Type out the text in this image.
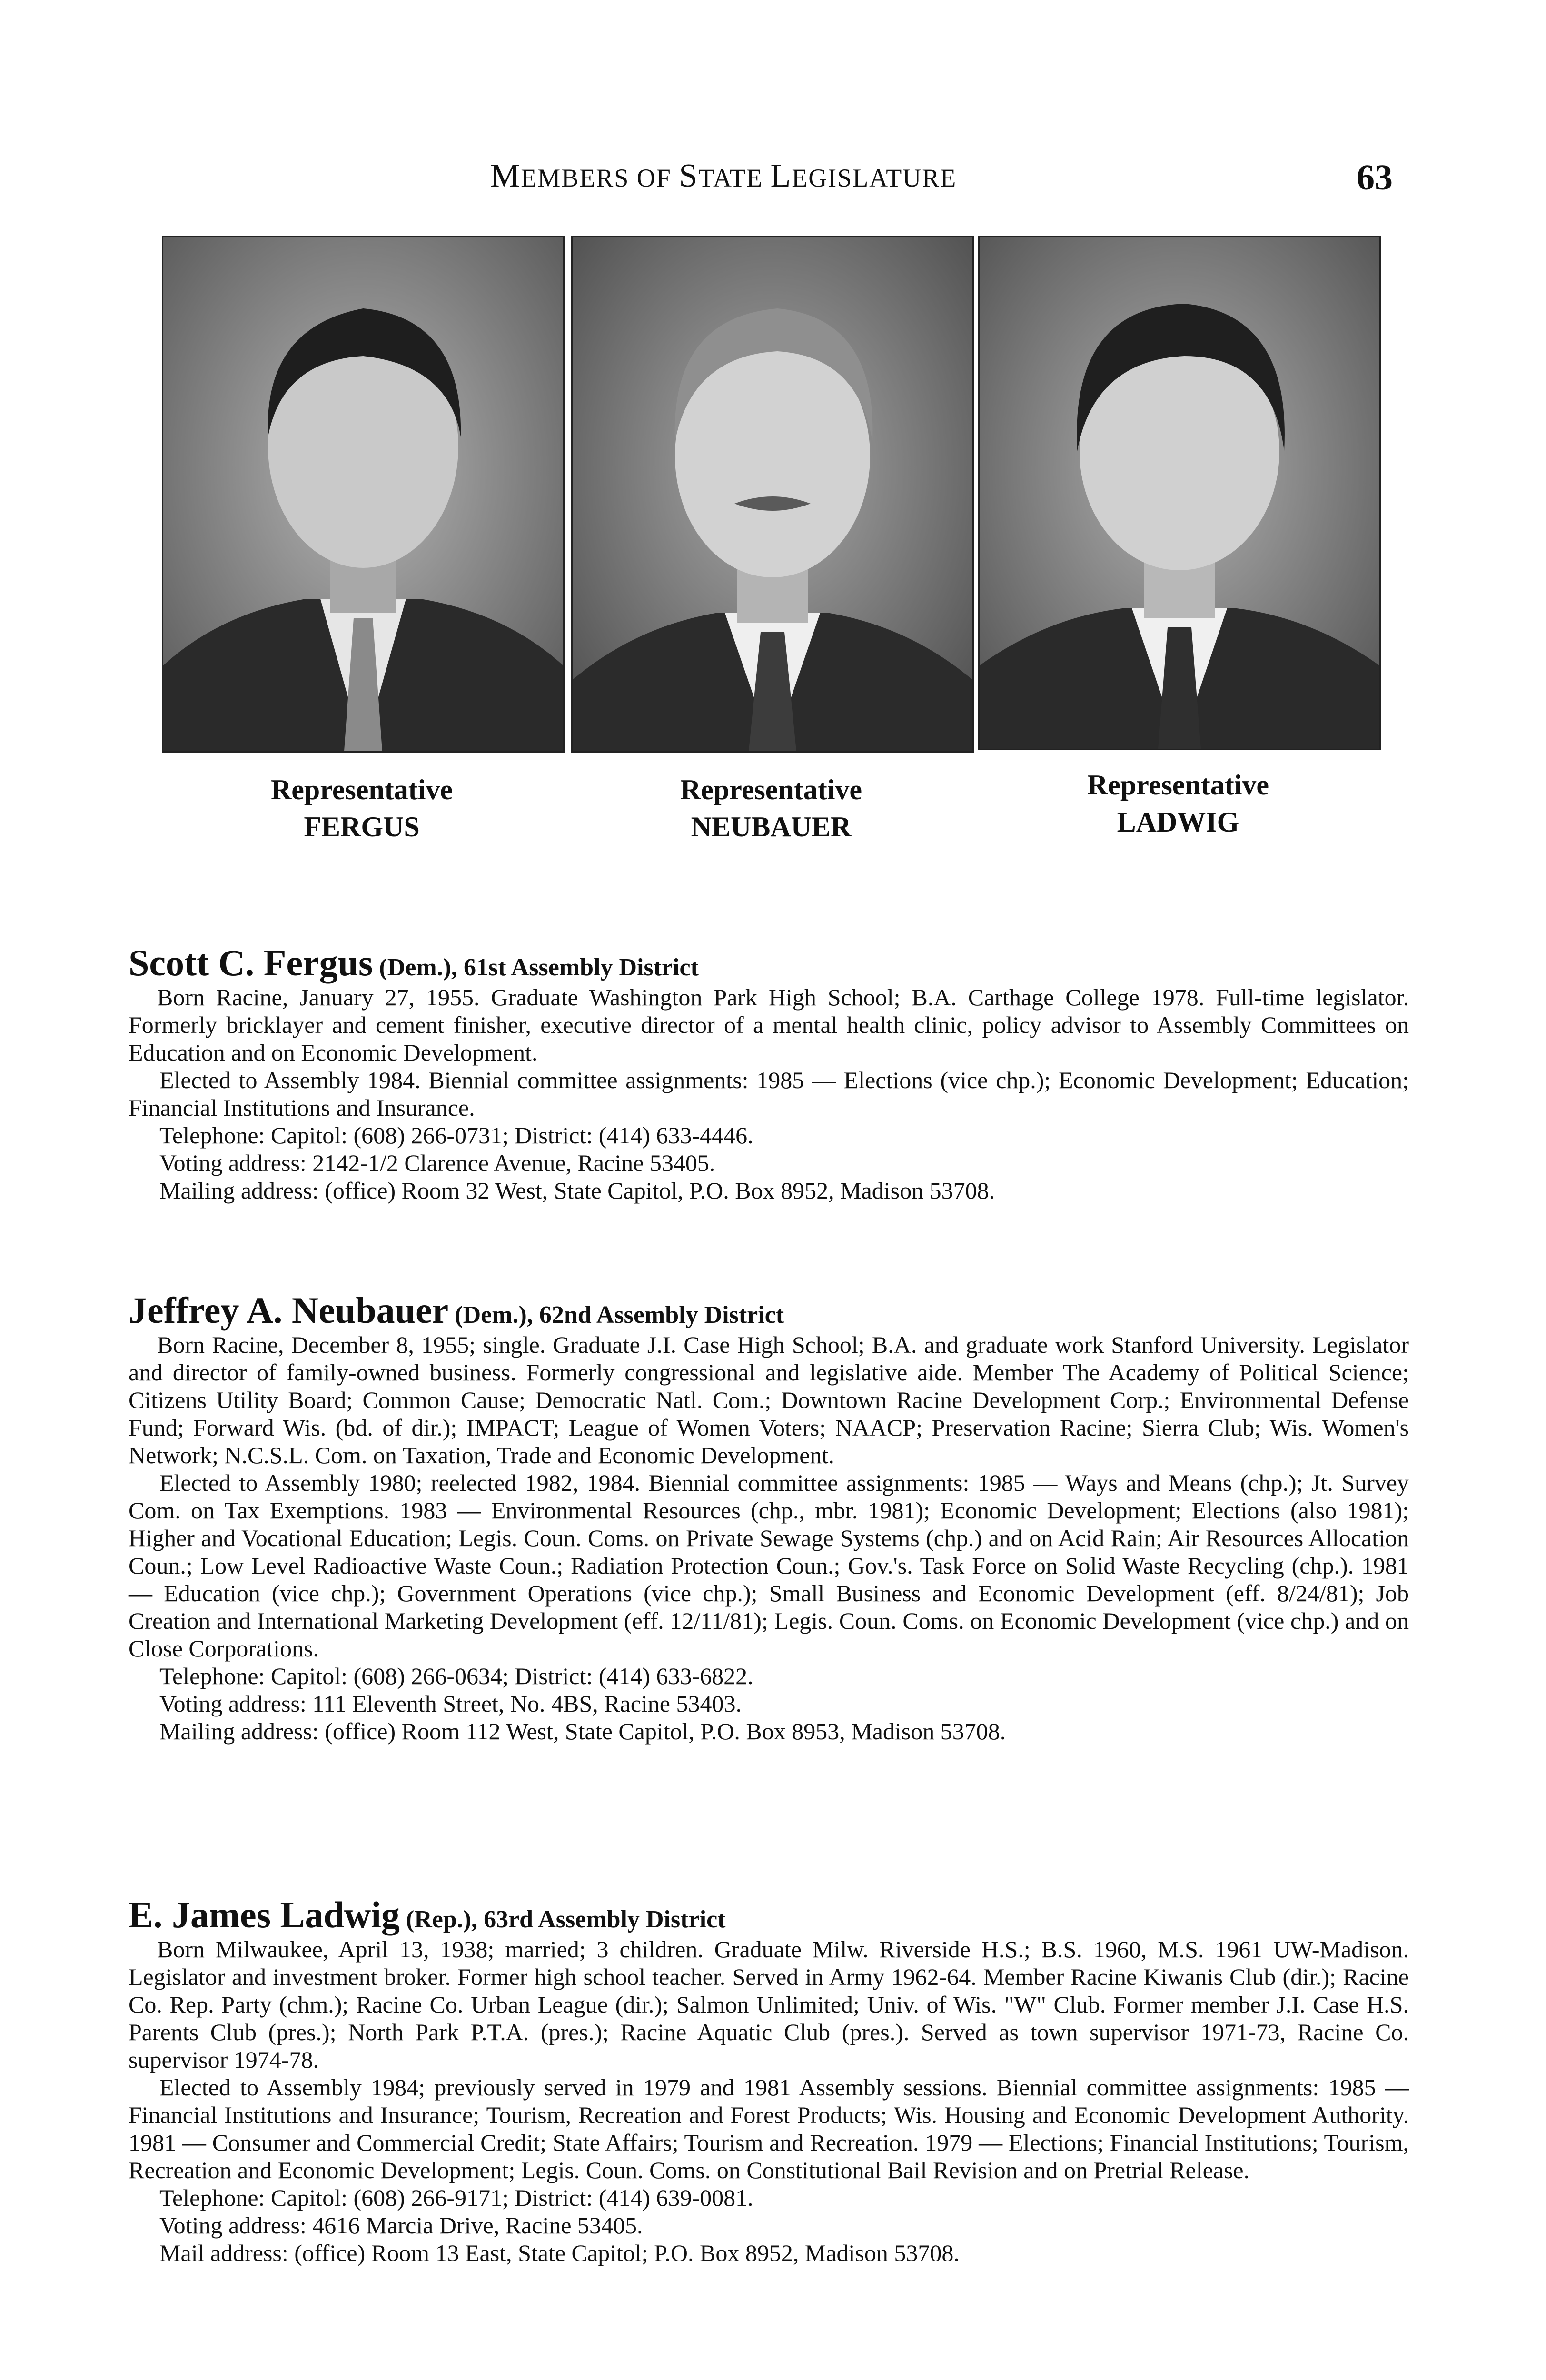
MEMBERS OF STATE LEGISLATURE	63
Representative
FERGUS
Representative
NEUBAUER
Representative
LADWIG
Scott C. Fergus (Dem.), 61st Assembly District

Born Racine, January 27, 1955. Graduate Washington Park High School; B.A. Carthage College 1978. Full-time legislator. Formerly bricklayer and cement finisher, executive director of a mental health clinic, policy advisor to Assembly Committees on Education and on Economic Development.

Elected to Assembly 1984. Biennial committee assignments: 1985 — Elections (vice chp.); Economic Development; Education; Financial Institutions and Insurance.

Telephone: Capitol: (608) 266-0731; District: (414) 633-4446.

Voting address: 2142-1/2 Clarence Avenue, Racine 53405.

Mailing address: (office) Room 32 West, State Capitol, P.O. Box 8952, Madison 53708.

Jeffrey A. Neubauer (Dem.), 62nd Assembly District

Born Racine, December 8, 1955; single. Graduate J.I. Case High School; B.A. and graduate work Stanford University. Legislator and director of family-owned business. Formerly congressional and legislative aide. Member The Academy of Political Science; Citizens Utility Board; Common Cause; Democratic Natl. Com.; Downtown Racine Development Corp.; Environmental Defense Fund; Forward Wis. (bd. of dir.); IMPACT; League of Women Voters; NAACP; Preservation Racine; Sierra Club; Wis. Women's Network; N.C.S.L. Com. on Taxation, Trade and Economic Development.

Elected to Assembly 1980; reelected 1982, 1984. Biennial committee assignments: 1985 — Ways and Means (chp.); Jt. Survey Com. on Tax Exemptions. 1983 — Environmental Resources (chp., mbr. 1981); Economic Development; Elections (also 1981); Higher and Vocational Education; Legis. Coun. Coms. on Private Sewage Systems (chp.) and on Acid Rain; Air Resources Allocation Coun.; Low Level Radioactive Waste Coun.; Radiation Protection Coun.; Gov.'s. Task Force on Solid Waste Recycling (chp.). 1981 — Education (vice chp.); Government Operations (vice chp.); Small Business and Economic Development (eff. 8/24/81); Job Creation and International Marketing Development (eff. 12/11/81); Legis. Coun. Coms. on Economic Development (vice chp.) and on Close Corporations.

Telephone: Capitol: (608) 266-0634; District: (414) 633-6822.

Voting address: 111 Eleventh Street, No. 4BS, Racine 53403.

Mailing address: (office) Room 112 West, State Capitol, P.O. Box 8953, Madison 53708.

E. James Ladwig (Rep.), 63rd Assembly District

Born Milwaukee, April 13, 1938; married; 3 children. Graduate Milw. Riverside H.S.; B.S. 1960, M.S. 1961 UW-Madison. Legislator and investment broker. Former high school teacher. Served in Army 1962-64. Member Racine Kiwanis Club (dir.); Racine Co. Rep. Party (chm.); Racine Co. Urban League (dir.); Salmon Unlimited; Univ. of Wis. "W" Club. Former member J.I. Case H.S. Parents Club (pres.); North Park P.T.A. (pres.); Racine Aquatic Club (pres.). Served as town supervisor 1971-73, Racine Co. supervisor 1974-78.

Elected to Assembly 1984; previously served in 1979 and 1981 Assembly sessions. Biennial committee assignments: 1985 — Financial Institutions and Insurance; Tourism, Recreation and Forest Products; Wis. Housing and Economic Development Authority. 1981 — Consumer and Commercial Credit; State Affairs; Tourism and Recreation. 1979 — Elections; Financial Institutions; Tourism, Recreation and Economic Development; Legis. Coun. Coms. on Constitutional Bail Revision and on Pretrial Release.

Telephone: Capitol: (608) 266-9171; District: (414) 639-0081.

Voting address: 4616 Marcia Drive, Racine 53405.

Mail address: (office) Room 13 East, State Capitol; P.O. Box 8952, Madison 53708.
